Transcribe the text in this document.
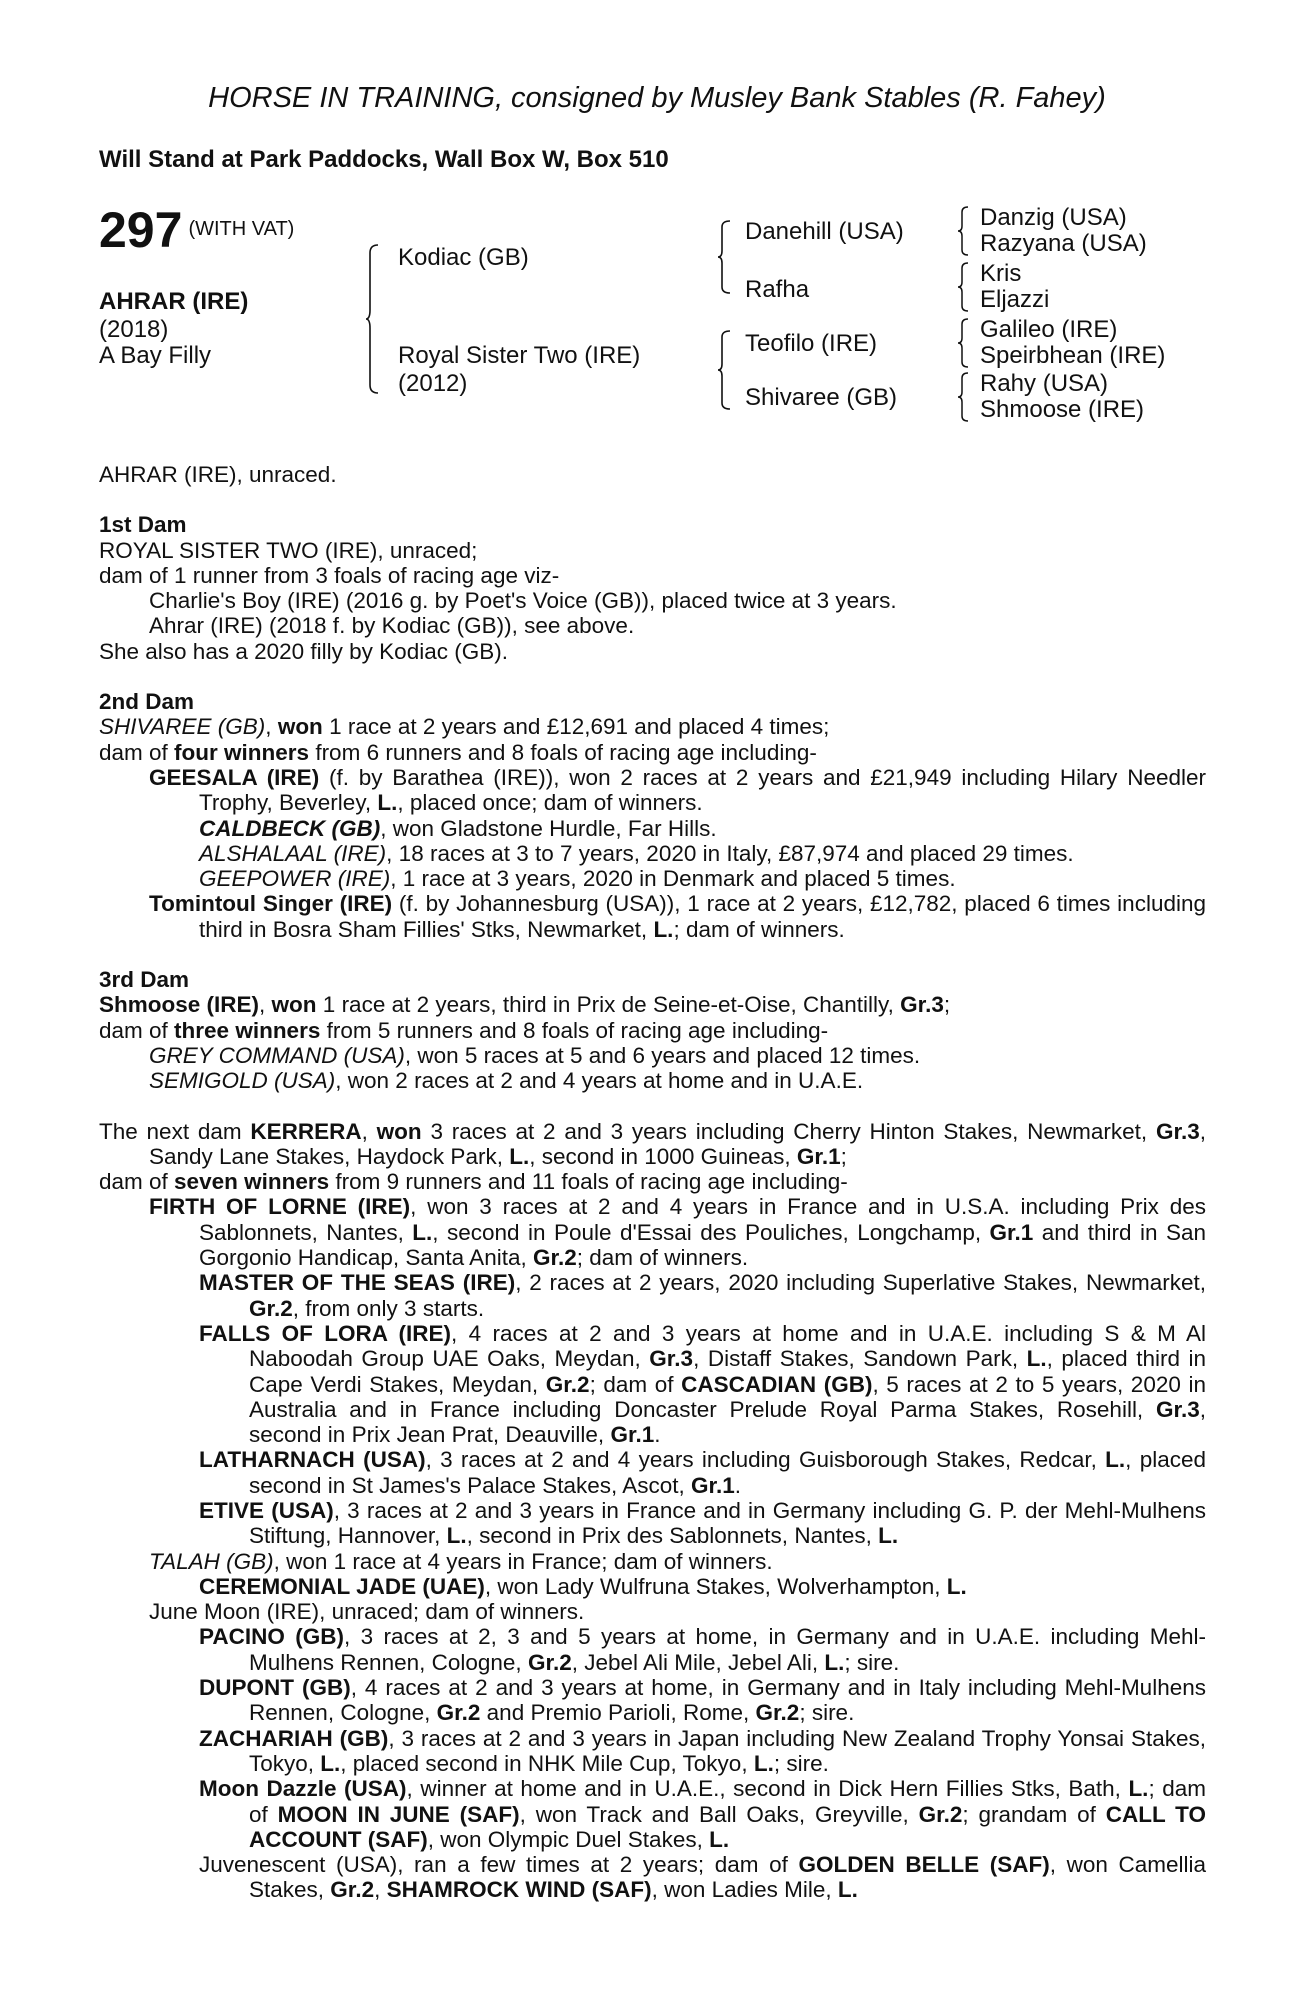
HORSE IN TRAINING, consigned by Musley Bank Stables (R. Fahey)
Will Stand at Park Paddocks, Wall Box W, Box 510
297 $^{(WITH VAT)}$
AHRAR (IRE)
(2018)
A Bay Filly
Kodiac (GB)
Royal Sister Two (IRE)
(2012)
Danehill (USA)
Rafha
Teofilo (IRE)
Shivaree (GB)
Danzig (USA)
Razyana (USA)
Kris
Eljazzi
Galileo (IRE)
Speirbhean (IRE)
Rahy (USA)
Shmoose (IRE)

AHRAR (IRE), unraced.

1st Dam

ROYAL SISTER TWO (IRE), unraced;

dam of 1 runner from 3 foals of racing age viz-

Charlie's Boy (IRE) (2016 g. by Poet's Voice (GB)), placed twice at 3 years.

Ahrar (IRE) (2018 f. by Kodiac (GB)), see above.

She also has a 2020 filly by Kodiac (GB).

2nd Dam

SHIVAREE (GB), won 1 race at 2 years and £12,691 and placed 4 times;

dam of four winners from 6 runners and 8 foals of racing age including-

GEESALA (IRE) (f. by Barathea (IRE)), won 2 races at 2 years and £21,949 including Hilary Needler Trophy, Beverley, L., placed once; dam of winners.

CALDBECK (GB), won Gladstone Hurdle, Far Hills.

ALSHALAAL (IRE), 18 races at 3 to 7 years, 2020 in Italy, £87,974 and placed 29 times.

GEEPOWER (IRE), 1 race at 3 years, 2020 in Denmark and placed 5 times.

Tomintoul Singer (IRE) (f. by Johannesburg (USA)), 1 race at 2 years, £12,782, placed 6 times including third in Bosra Sham Fillies' Stks, Newmarket, L.; dam of winners.

3rd Dam

Shmoose (IRE), won 1 race at 2 years, third in Prix de Seine-et-Oise, Chantilly, Gr.3;

dam of three winners from 5 runners and 8 foals of racing age including-

GREY COMMAND (USA), won 5 races at 5 and 6 years and placed 12 times.

SEMIGOLD (USA), won 2 races at 2 and 4 years at home and in U.A.E.

The next dam KERRERA, won 3 races at 2 and 3 years including Cherry Hinton Stakes, Newmarket, Gr.3, Sandy Lane Stakes, Haydock Park, L., second in 1000 Guineas, Gr.1;

dam of seven winners from 9 runners and 11 foals of racing age including-

FIRTH OF LORNE (IRE), won 3 races at 2 and 4 years in France and in U.S.A. including Prix des Sablonnets, Nantes, L., second in Poule d'Essai des Pouliches, Longchamp, Gr.1 and third in San Gorgonio Handicap, Santa Anita, Gr.2; dam of winners.

MASTER OF THE SEAS (IRE), 2 races at 2 years, 2020 including Superlative Stakes, Newmarket, Gr.2, from only 3 starts.

FALLS OF LORA (IRE), 4 races at 2 and 3 years at home and in U.A.E. including S & M Al Naboodah Group UAE Oaks, Meydan, Gr.3, Distaff Stakes, Sandown Park, L., placed third in Cape Verdi Stakes, Meydan, Gr.2; dam of CASCADIAN (GB), 5 races at 2 to 5 years, 2020 in Australia and in France including Doncaster Prelude Royal Parma Stakes, Rosehill, Gr.3, second in Prix Jean Prat, Deauville, Gr.1.

LATHARNACH (USA), 3 races at 2 and 4 years including Guisborough Stakes, Redcar, L., placed second in St James's Palace Stakes, Ascot, Gr.1.

ETIVE (USA), 3 races at 2 and 3 years in France and in Germany including G. P. der Mehl-Mulhens Stiftung, Hannover, L., second in Prix des Sablonnets, Nantes, L.

TALAH (GB), won 1 race at 4 years in France; dam of winners.

CEREMONIAL JADE (UAE), won Lady Wulfruna Stakes, Wolverhampton, L.

June Moon (IRE), unraced; dam of winners.

PACINO (GB), 3 races at 2, 3 and 5 years at home, in Germany and in U.A.E. including Mehl-Mulhens Rennen, Cologne, Gr.2, Jebel Ali Mile, Jebel Ali, L.; sire.

DUPONT (GB), 4 races at 2 and 3 years at home, in Germany and in Italy including Mehl-Mulhens Rennen, Cologne, Gr.2 and Premio Parioli, Rome, Gr.2; sire.

ZACHARIAH (GB), 3 races at 2 and 3 years in Japan including New Zealand Trophy Yonsai Stakes, Tokyo, L., placed second in NHK Mile Cup, Tokyo, L.; sire.

Moon Dazzle (USA), winner at home and in U.A.E., second in Dick Hern Fillies Stks, Bath, L.; dam of MOON IN JUNE (SAF), won Track and Ball Oaks, Greyville, Gr.2; grandam of CALL TO ACCOUNT (SAF), won Olympic Duel Stakes, L.

Juvenescent (USA), ran a few times at 2 years; dam of GOLDEN BELLE (SAF), won Camellia Stakes, Gr.2, SHAMROCK WIND (SAF), won Ladies Mile, L.
